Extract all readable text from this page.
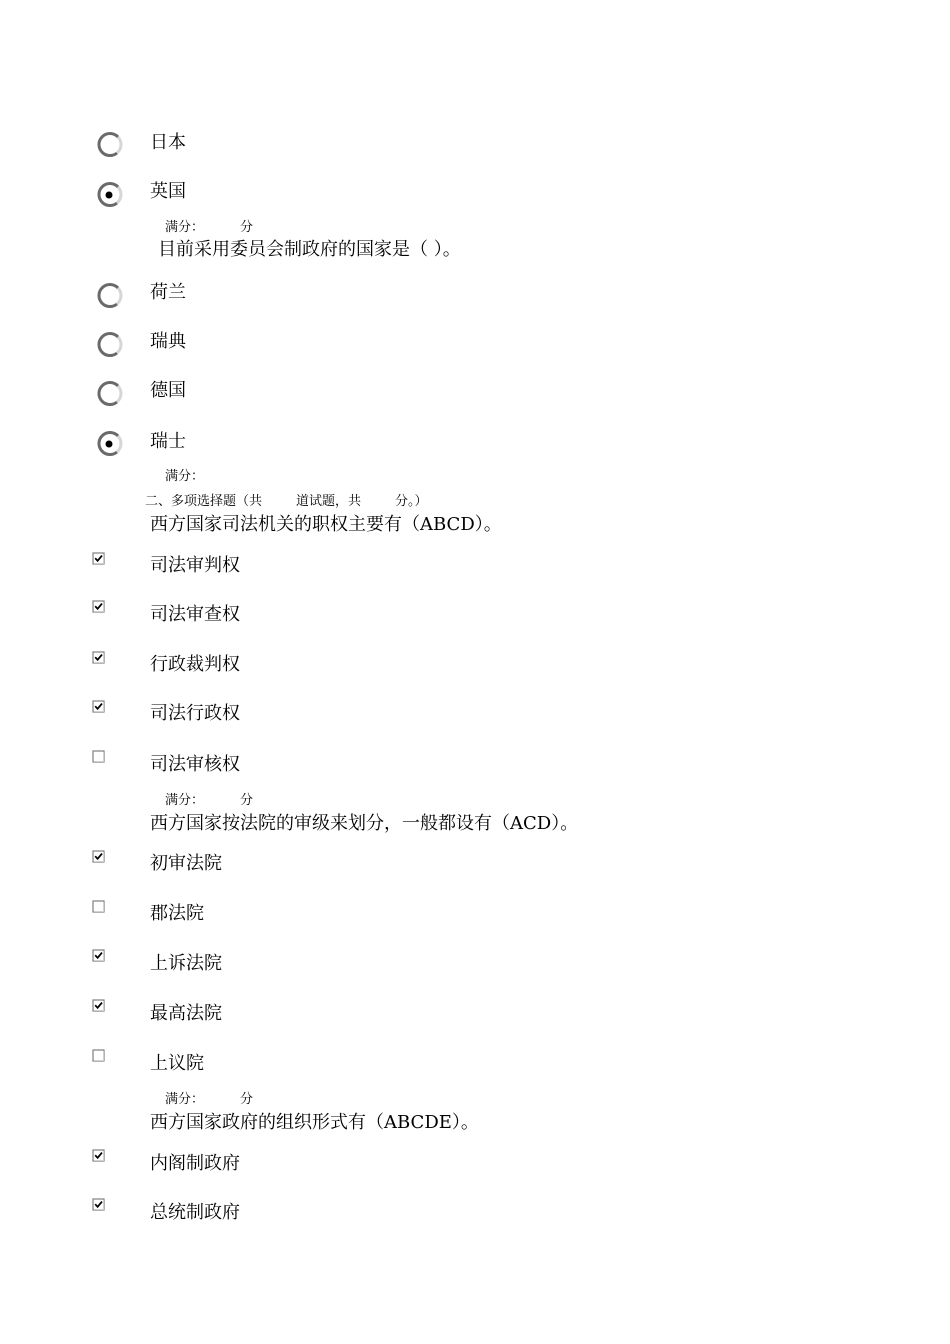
日本
英国
满分：	分
目前采用委员会制政府的国家是（ ）。
荷兰
瑞典
德国
瑞士
满分：
二、多项选择题（共	道试题，共	分。）
西方国家司法机关的职权主要有（ABCD）。
司法审判权
司法审查权
行政裁判权
司法行政权
司法审核权
满分：	分
西方国家按法院的审级来划分，一般都设有（ACD）。
初审法院
郡法院
上诉法院
最高法院
上议院
满分：	分
西方国家政府的组织形式有（ABCDE）。
内阁制政府
总统制政府
